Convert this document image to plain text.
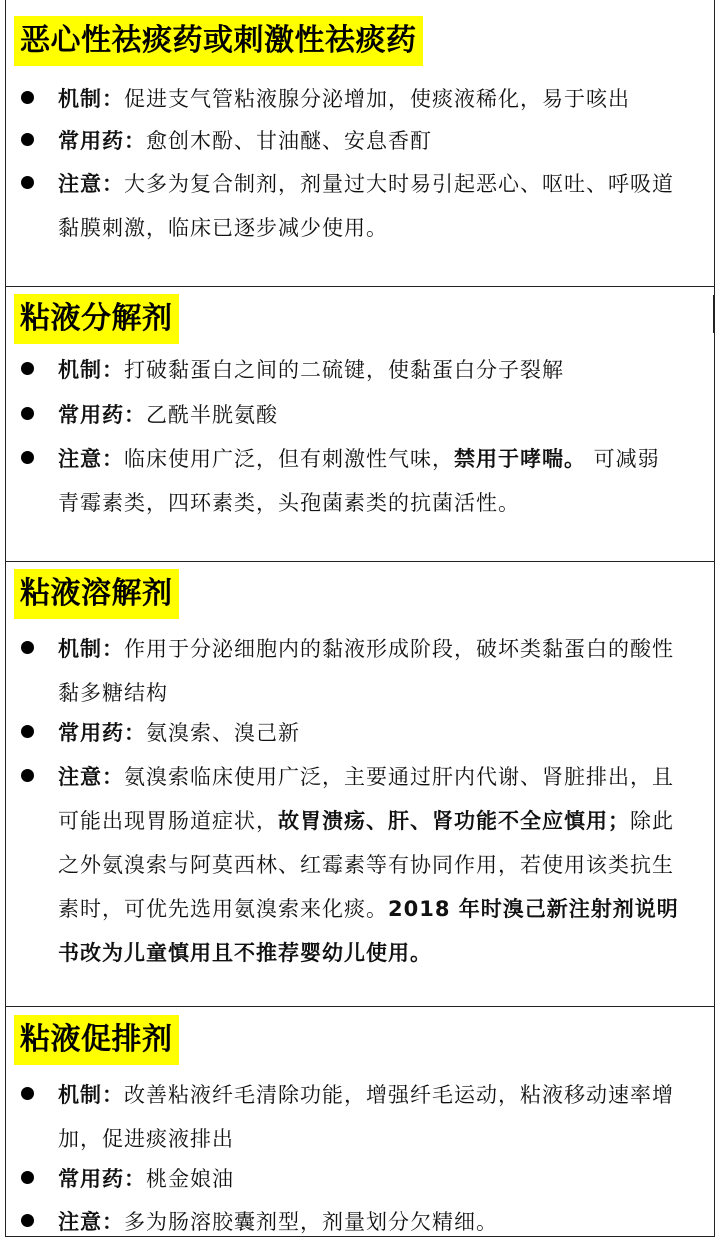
恶心性祛痰药或刺激性祛痰药
机制：促进支气管粘液腺分泌增加，使痰液稀化，易于咳出
常用药：愈创木酚、甘油醚、安息香酊
注意：大多为复合制剂，剂量过大时易引起恶心、呕吐、呼吸道
黏膜刺激，临床已逐步减少使用。
粘液分解剂
机制：打破黏蛋白之间的二硫键，使黏蛋白分子裂解
常用药：乙酰半胱氨酸
注意：临床使用广泛，但有刺激性气味，禁用于哮喘。 可减弱
青霉素类，四环素类，头孢菌素类的抗菌活性。
粘液溶解剂
机制：作用于分泌细胞内的黏液形成阶段，破坏类黏蛋白的酸性
黏多糖结构
常用药：氨溴索、溴己新
注意：氨溴索临床使用广泛，主要通过肝内代谢、肾脏排出，且
可能出现胃肠道症状，故胃溃疡、肝、肾功能不全应慎用；除此
之外氨溴索与阿莫西林、红霉素等有协同作用，若使用该类抗生
素时，可优先选用氨溴索来化痰。2018 年时溴己新注射剂说明
书改为儿童慎用且不推荐婴幼儿使用。
粘液促排剂
机制：改善粘液纤毛清除功能，增强纤毛运动，粘液移动速率增
加，促进痰液排出
常用药：桃金娘油
注意：多为肠溶胶囊剂型，剂量划分欠精细。
